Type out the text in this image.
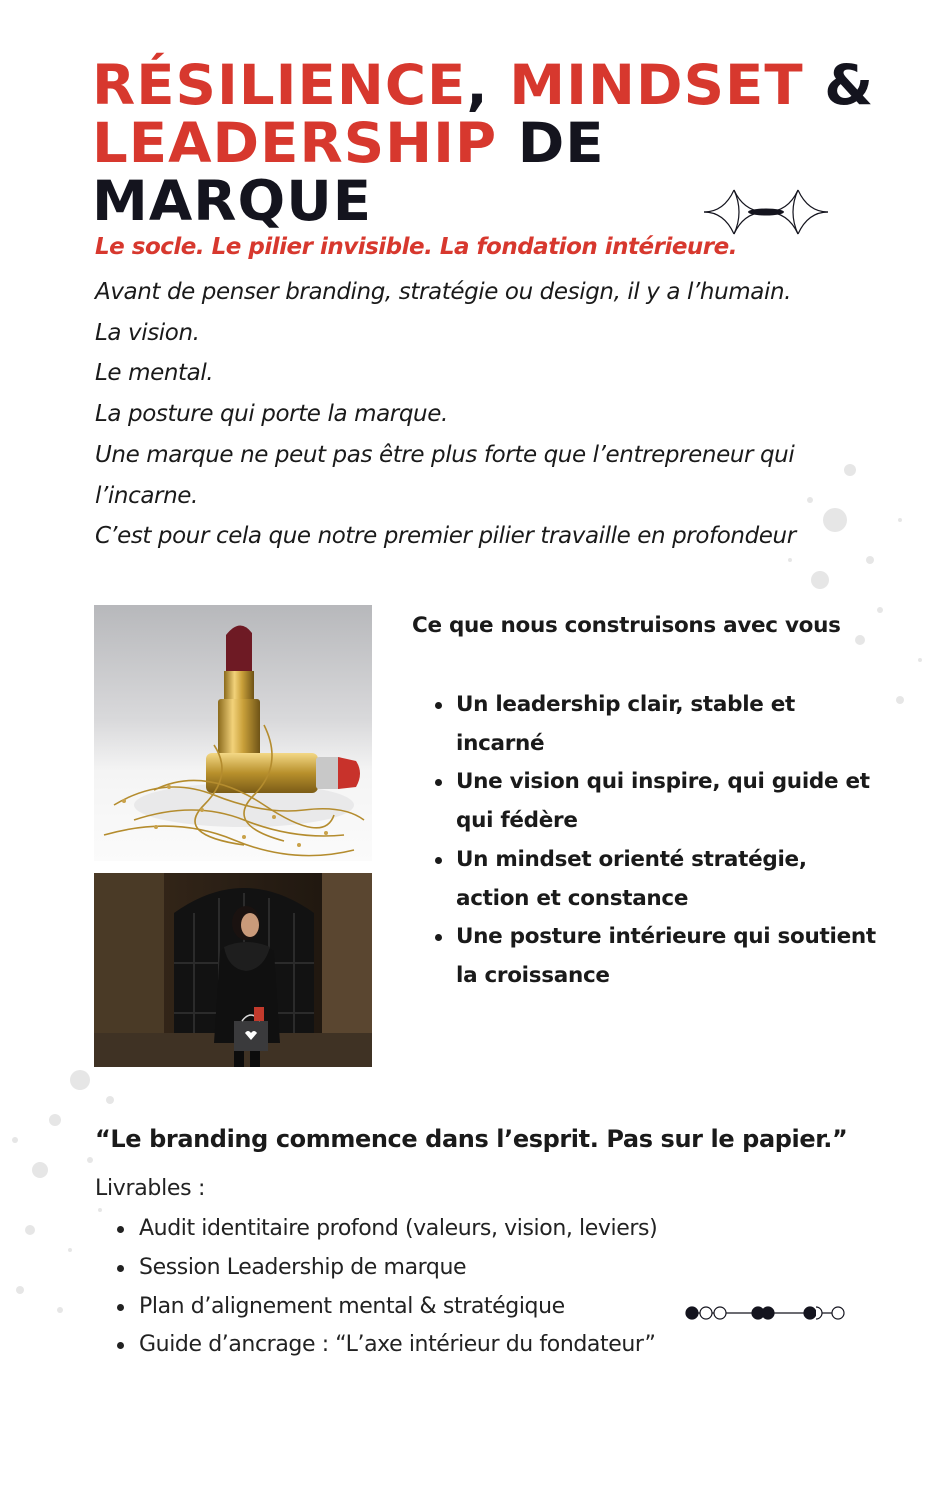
RÉSILIENCE, MINDSET &
LEADERSHIP DE
MARQUE
Le socle. Le pilier invisible. La fondation intérieure.
Avant de penser branding, stratégie ou design, il y a l’humain.
La vision.
Le mental.
La posture qui porte la marque.
Une marque ne peut pas être plus forte que l’entrepreneur qui
l’incarne.
C’est pour cela que notre premier pilier travaille en profondeur
Ce que nous construisons avec vous
Un leadership clair, stable et incarné
Une vision qui inspire, qui guide et qui fédère
Un mindset orienté stratégie, action et constance
Une posture intérieure qui soutient la croissance
“Le branding commence dans l’esprit. Pas sur le papier.”
Livrables :
Audit identitaire profond (valeurs, vision, leviers)
Session Leadership de marque
Plan d’alignement mental & stratégique
Guide d’ancrage : “L’axe intérieur du fondateur”
